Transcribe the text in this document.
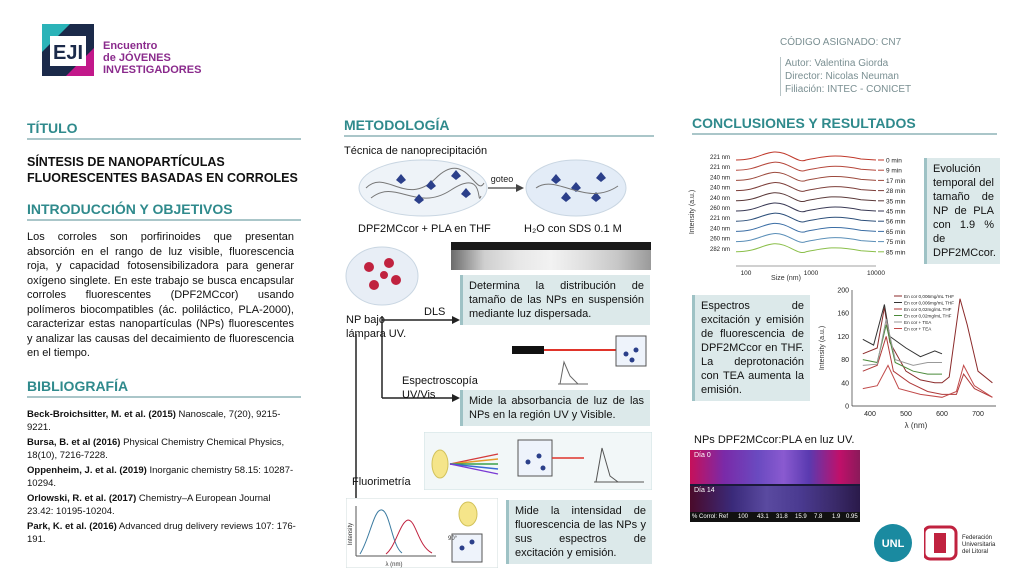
EJI Encuentro
de JÓVENES
INVESTIGADORES
CÓDIGO ASIGNADO: CN7
Autor: Valentina Giorda
Director: Nicolas Neuman
Filiación: INTEC - CONICET
TÍTULO
SÍNTESIS DE NANOPARTÍCULAS FLUORESCENTES BASADAS EN CORROLES
INTRODUCCIÓN Y OBJETIVOS
Los corroles son porfirinoides que presentan absorción en el rango de luz visible, fluorescencia roja, y capacidad fotosensibilizadora para generar oxígeno singlete. En este trabajo se busca encapsular corroles fluorescentes (DPF2MCcor) usando polímeros biocompatibles (ác. poliláctico, PLA-2000), caracterizar estas nanopartículas (NPs) fluorescentes y analizar las causas del decaimiento de fluorescencia en el tiempo.
BIBLIOGRAFÍA
Beck-Broichsitter, M. et al. (2015) Nanoscale, 7(20), 9215-9221.
Bursa, B. et al (2016) Physical Chemistry Chemical Physics, 18(10), 7216-7228.
Oppenheim, J. et al. (2019) Inorganic chemistry 58.15: 10287-10294.
Orlowski, R. et al. (2017) Chemistry–A European Journal 23.42: 10195-10204.
Park, K. et al. (2016) Advanced drug delivery reviews 107: 176-191.
METODOLOGÍA
Técnica de nanoprecipitación
goteo
DPF2MCcor + PLA en THF	H₂O con SDS 0.1 M
NP bajo lámpara UV.
DLS
Determina la distribución de tamaño de las NPs en suspensión mediante luz dispersada.
Espectroscopía UV/Vis	Mide la absorbancia de luz de las NPs en la región UV y Visible.
Fluorimetría
λ (nm)
Intensity	90°
Mide la intensidad de fluorescencia de las NPs y sus espectros de excitación y emisión.
CONCLUSIONES Y RESULTADOS
Intensity (a.u.)
Size (nm)
221 nm
221 nm
240 nm
240 nm
240 nm
260 nm
221 nm
240 nm
260 nm
282 nm
0 min
9 min
17 min
28 min
35 min
45 min
56 min
65 min
75 min
85 min
100	1000	10000
Evolución temporal del tamaño de NP de PLA con 1.9 % de DPF2MCcor.
Espectros de excitación y emisión de fluorescencia de DPF2MCcor en THF. La deprotonación con TEA aumenta la emisión.
Intensity (a.u.)
λ (nm)
400	500	600	700
0
40
80
120
160
200
En cor 0,006mg/mL THF
En cor 0,006mg/mL THF
En cor 0,02mg/mL THF
En cor 0,02mg/mL THF
En cor + TEA
En cor + TEA
NPs DPF2MCcor:PLA en luz UV.
Día 0
Día 14
% Corrol: Ref 100 43.1 31.8 15.9 7.8 1.9 0.95
UNL	Federación
Universitaria
del Litoral
